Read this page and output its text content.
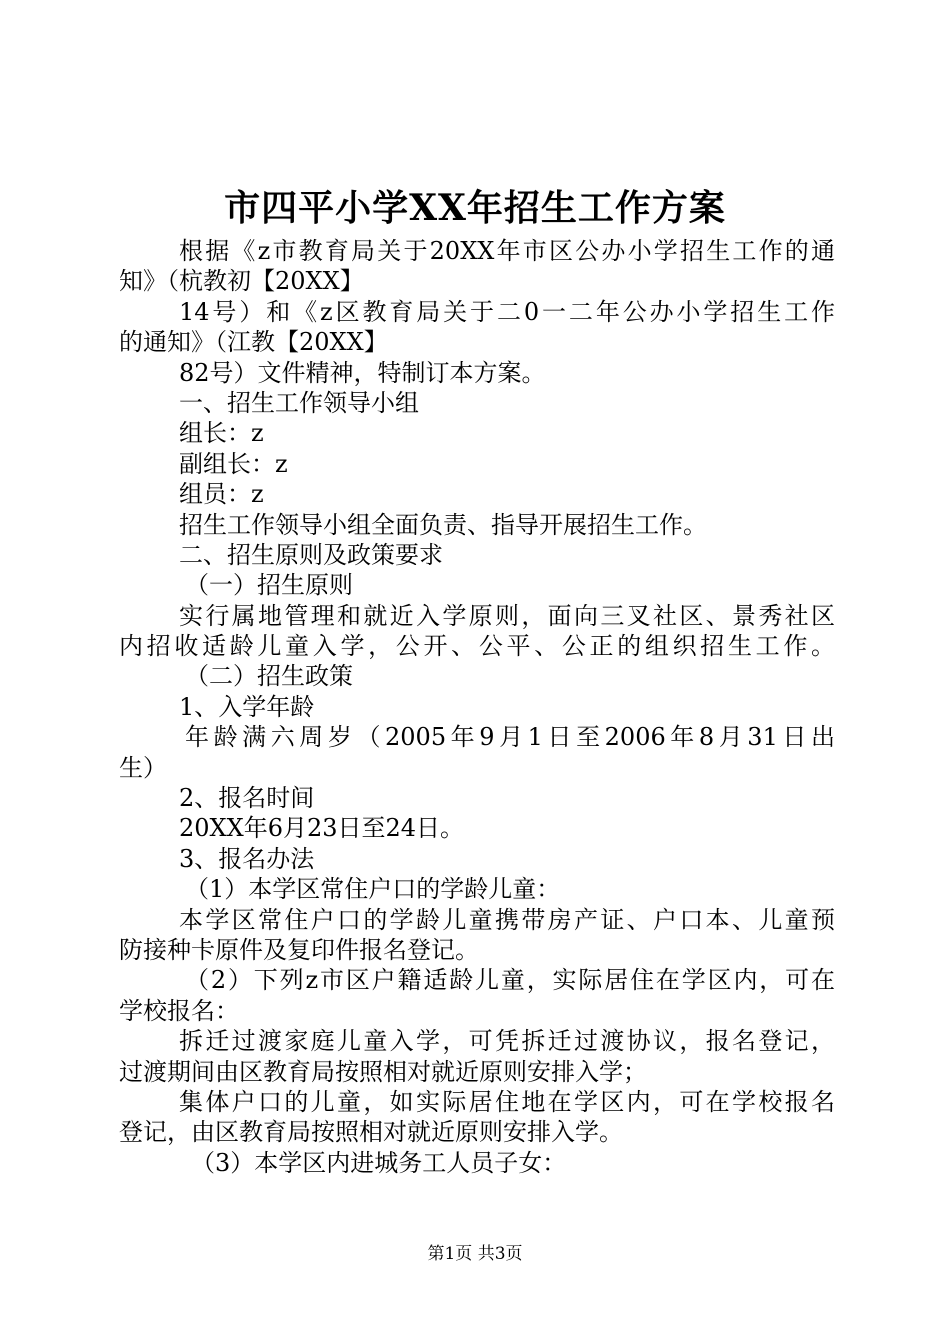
市四平小学XX年招生工作方案
根据《z市教育局关于20XX年市区公办小学招生工作的通
知》（杭教初【20XX】
14号）和《z区教育局关于二0一二年公办小学招生工作
的通知》（江教【20XX】
82号）文件精神，特制订本方案。
一、招生工作领导小组
组长：z
副组长：z
组员：z
招生工作领导小组全面负责、指导开展招生工作。
二、招生原则及政策要求
（一）招生原则
实行属地管理和就近入学原则，面向三叉社区、景秀社区
内招收适龄儿童入学，公开、公平、公正的组织招生工作。
（二）招生政策
1、入学年龄
年龄满六周岁（2005年9月1日至2006年8月31日出
生）
2、报名时间
20XX年6月23日至24日。
3、报名办法
（1）本学区常住户口的学龄儿童：
本学区常住户口的学龄儿童携带房产证、户口本、儿童预
防接种卡原件及复印件报名登记。
（2）下列z市区户籍适龄儿童，实际居住在学区内，可在
学校报名：
拆迁过渡家庭儿童入学，可凭拆迁过渡协议，报名登记，
过渡期间由区教育局按照相对就近原则安排入学；
集体户口的儿童，如实际居住地在学区内，可在学校报名
登记，由区教育局按照相对就近原则安排入学。
（3）本学区内进城务工人员子女：
第1页 共3页
